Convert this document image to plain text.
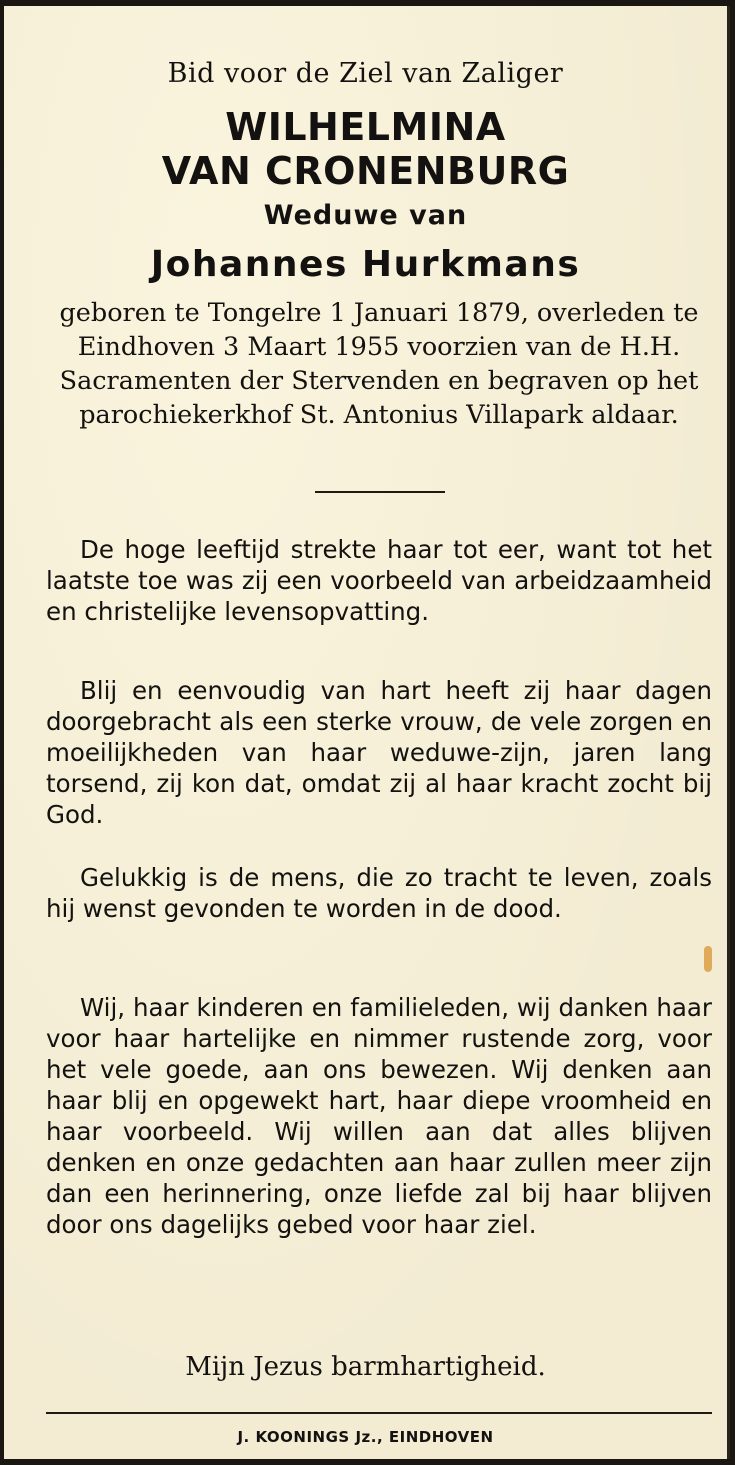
Bid voor de Ziel van Zaliger
WILHELMINA
VAN CRONENBURG
Weduwe van
Johannes Hurkmans
geboren te Tongelre 1 Januari 1879, overleden te Eindhoven 3 Maart 1955 voorzien van de H.H. Sacramenten der Stervenden en begraven op het parochiekerkhof St. Antonius Villapark aldaar.
De hoge leeftijd strekte haar tot eer, want tot het laatste toe was zij een voorbeeld van arbeidzaamheid en christelijke levensopvatting.
Blij en eenvoudig van hart heeft zij haar dagen doorgebracht als een sterke vrouw, de vele zorgen en moeilijkheden van haar weduwe-zijn, jaren lang torsend, zij kon dat, omdat zij al haar kracht zocht bij God.
Gelukkig is de mens, die zo tracht te leven, zoals hij wenst gevonden te worden in de dood.
Wij, haar kinderen en familieleden, wij danken haar voor haar hartelijke en nimmer rustende zorg, voor het vele goede, aan ons bewezen. Wij denken aan haar blij en opgewekt hart, haar diepe vroomheid en haar voorbeeld. Wij willen aan dat alles blijven denken en onze gedachten aan haar zullen meer zijn dan een herinnering, onze liefde zal bij haar blijven door ons dagelijks gebed voor haar ziel.
Mijn Jezus barmhartigheid.
J. KOONINGS Jz., EINDHOVEN
